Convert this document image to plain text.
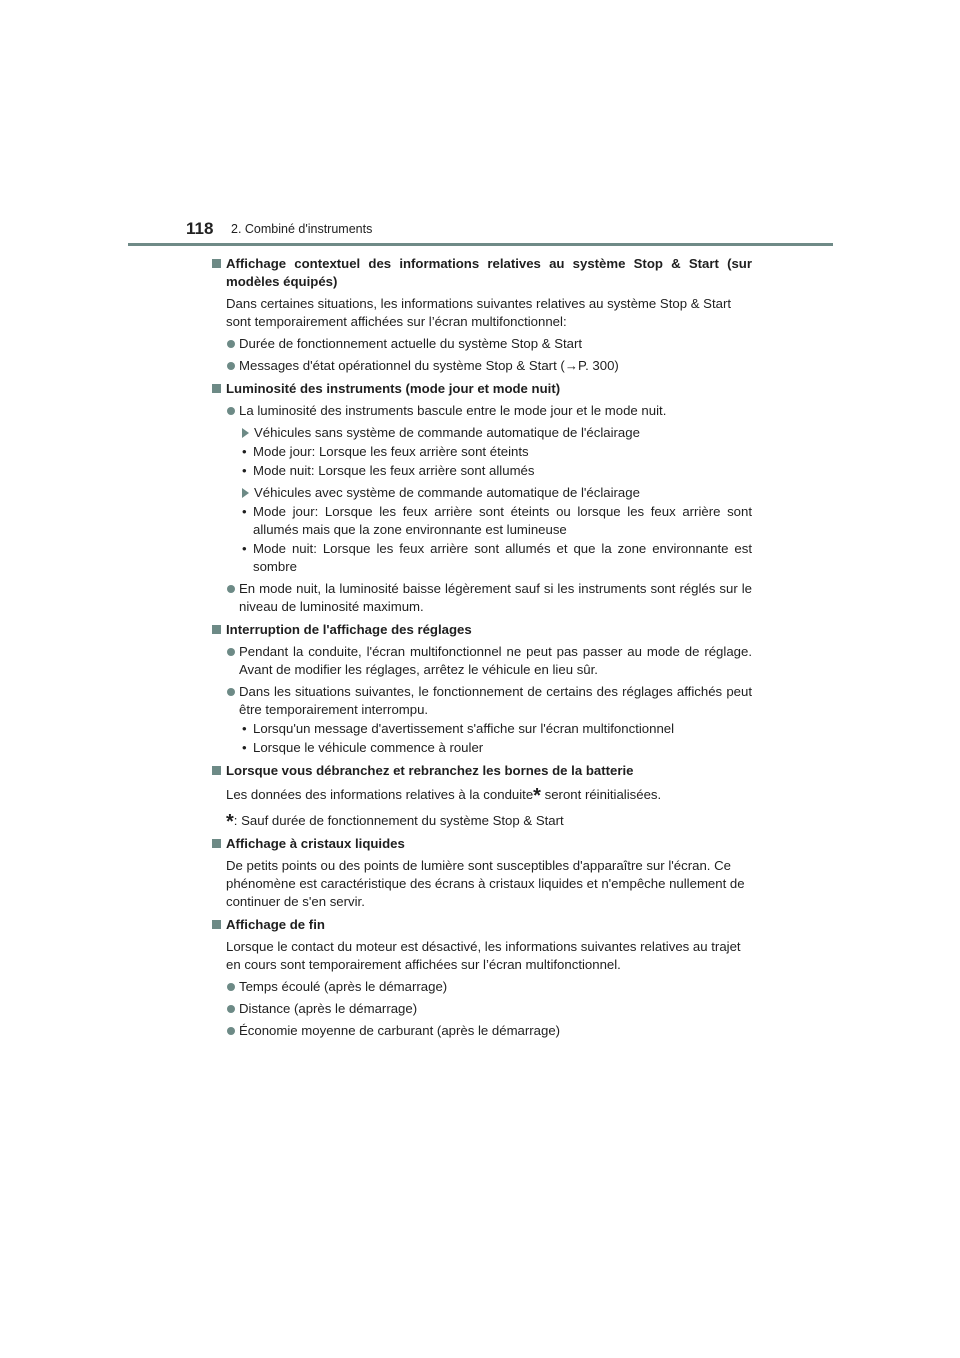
118 2. Combiné d'instruments
Affichage contextuel des informations relatives au système Stop & Start (sur modèles équipés)
Dans certaines situations, les informations suivantes relatives au système Stop & Start sont temporairement affichées sur l’écran multifonctionnel:
Durée de fonctionnement actuelle du système Stop & Start
Messages d'état opérationnel du système Stop & Start (→P. 300)
Luminosité des instruments (mode jour et mode nuit)
La luminosité des instruments bascule entre le mode jour et le mode nuit.
Véhicules sans système de commande automatique de l'éclairage
• Mode jour: Lorsque les feux arrière sont éteints
• Mode nuit: Lorsque les feux arrière sont allumés
Véhicules avec système de commande automatique de l'éclairage
• Mode jour: Lorsque les feux arrière sont éteints ou lorsque les feux arrière sont allumés mais que la zone environnante est lumineuse
• Mode nuit: Lorsque les feux arrière sont allumés et que la zone environnante est sombre
En mode nuit, la luminosité baisse légèrement sauf si les instruments sont réglés sur le niveau de luminosité maximum.
Interruption de l'affichage des réglages
Pendant la conduite, l'écran multifonctionnel ne peut pas passer au mode de réglage. Avant de modifier les réglages, arrêtez le véhicule en lieu sûr.
Dans les situations suivantes, le fonctionnement de certains des réglages affichés peut être temporairement interrompu.
• Lorsqu'un message d'avertissement s'affiche sur l'écran multifonctionnel
• Lorsque le véhicule commence à rouler
Lorsque vous débranchez et rebranchez les bornes de la batterie
Les données des informations relatives à la conduite* seront réinitialisées.
*: Sauf durée de fonctionnement du système Stop & Start
Affichage à cristaux liquides
De petits points ou des points de lumière sont susceptibles d'apparaître sur l'écran. Ce phénomène est caractéristique des écrans à cristaux liquides et n'empêche nullement de continuer de s'en servir.
Affichage de fin
Lorsque le contact du moteur est désactivé, les informations suivantes relatives au trajet en cours sont temporairement affichées sur l’écran multifonctionnel.
Temps écoulé (après le démarrage)
Distance (après le démarrage)
Économie moyenne de carburant (après le démarrage)
